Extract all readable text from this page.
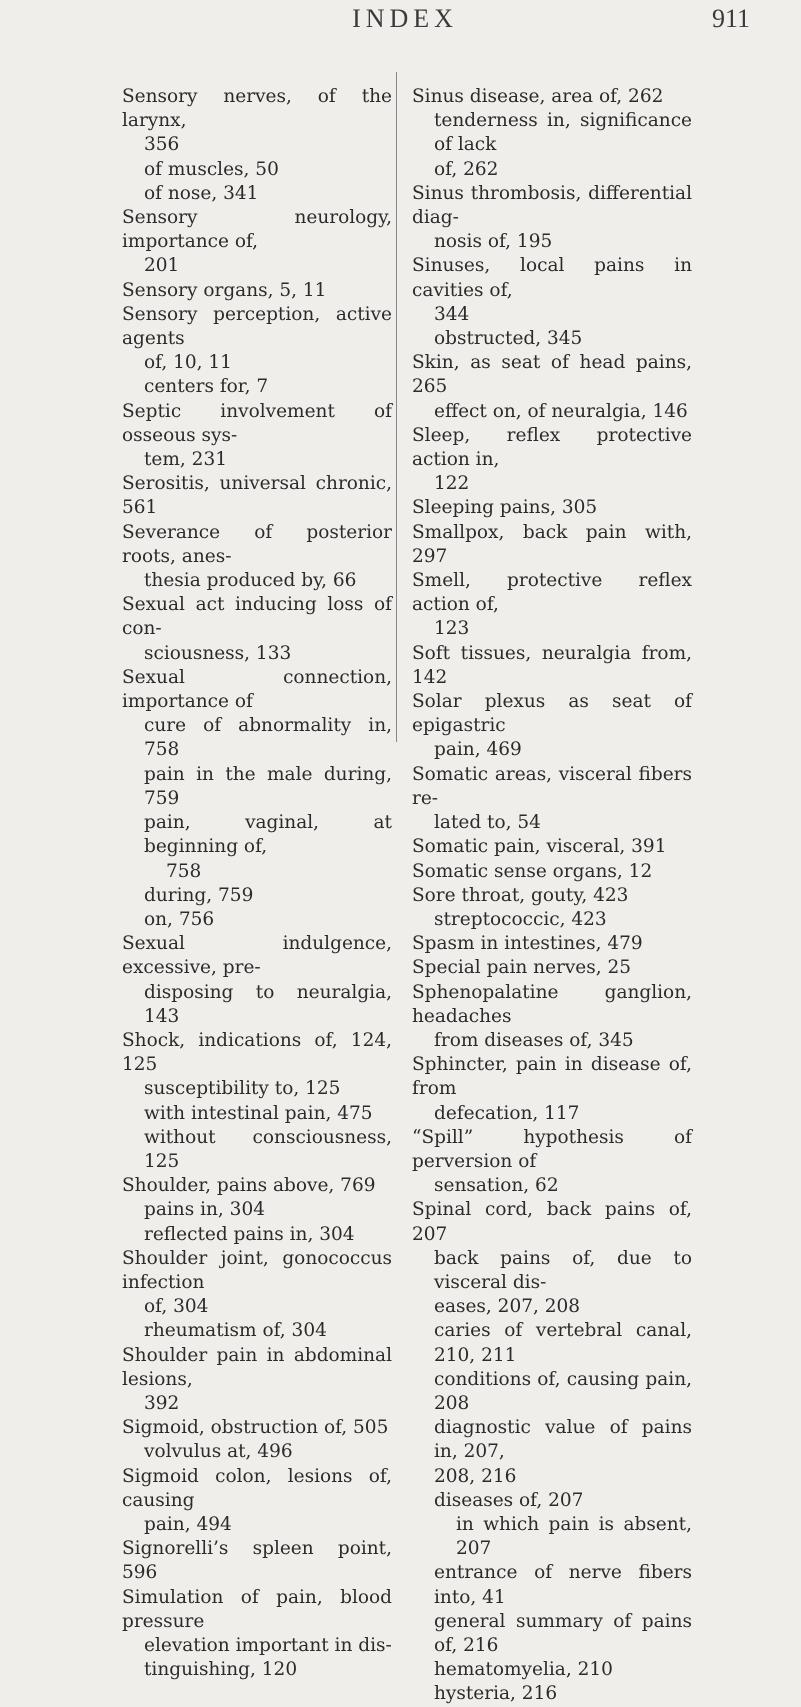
INDEX	911

Sensory nerves, of the larynx,

356

of muscles, 50

of nose, 341

Sensory neurology, importance of,

201

Sensory organs, 5, 11

Sensory perception, active agents

of, 10, 11

centers for, 7

Septic involvement of osseous sys-

tem, 231

Serositis, universal chronic, 561

Severance of posterior roots, anes-

thesia produced by, 66

Sexual act inducing loss of con-

sciousness, 133

Sexual connection, importance of

cure of abnormality in, 758

pain in the male during, 759

pain, vaginal, at beginning of,

758

during, 759

on, 756

Sexual indulgence, excessive, pre-

disposing to neuralgia, 143

Shock, indications of, 124, 125

susceptibility to, 125

with intestinal pain, 475

without consciousness, 125

Shoulder, pains above, 769

pains in, 304

reflected pains in, 304

Shoulder joint, gonococcus infection

of, 304

rheumatism of, 304

Shoulder pain in abdominal lesions,

392

Sigmoid, obstruction of, 505

volvulus at, 496

Sigmoid colon, lesions of, causing

pain, 494

Signorelli’s spleen point, 596

Simulation of pain, blood pressure

elevation important in dis-

tinguishing, 120

Sinus disease, area of, 262

tenderness in, significance of lack

of, 262

Sinus thrombosis, differential diag-

nosis of, 195

Sinuses, local pains in cavities of,

344

obstructed, 345

Skin, as seat of head pains, 265

effect on, of neuralgia, 146

Sleep, reflex protective action in,

122

Sleeping pains, 305

Smallpox, back pain with, 297

Smell, protective reflex action of,

123

Soft tissues, neuralgia from, 142

Solar plexus as seat of epigastric

pain, 469

Somatic areas, visceral fibers re-

lated to, 54

Somatic pain, visceral, 391

Somatic sense organs, 12

Sore throat, gouty, 423

streptococcic, 423

Spasm in intestines, 479

Special pain nerves, 25

Sphenopalatine ganglion, headaches

from diseases of, 345

Sphincter, pain in disease of, from

defecation, 117

“Spill” hypothesis of perversion of

sensation, 62

Spinal cord, back pains of, 207

back pains of, due to visceral dis-

eases, 207, 208

caries of vertebral canal, 210, 211

conditions of, causing pain, 208

diagnostic value of pains in, 207,

208, 216

diseases of, 207

in which pain is absent, 207

entrance of nerve fibers into, 41

general summary of pains of, 216

hematomyelia, 210

hysteria, 216
